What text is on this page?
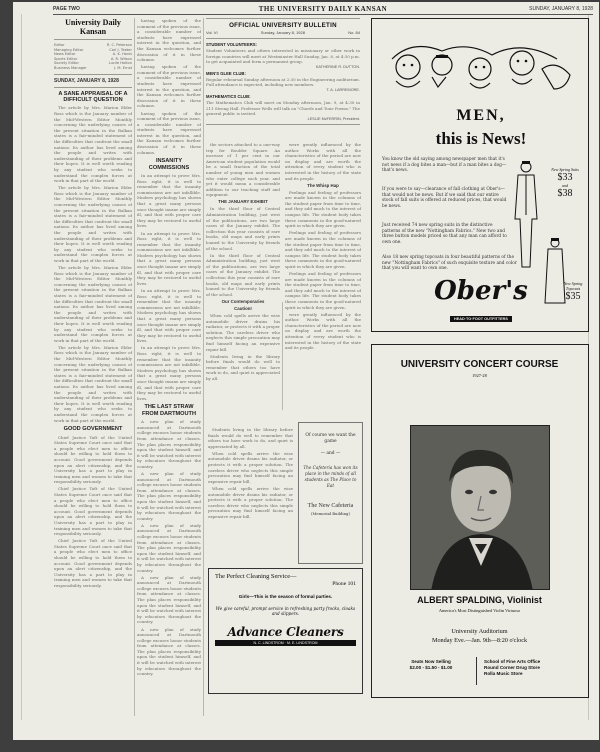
PAGE TWO	THE UNIVERSITY DAILY KANSAN	SUNDAY, JANUARY 8, 1928
University Daily Kansan
Editor	R. C. Peterson
Managing Editor	Carl J. Teeter
News Editor	A. K. Hovis
Sports Editor	A. R. Wilson
Society Editor	Lucile Holton
Business Manager	J. M. Ernst
SUNDAY, JANUARY 8, 1928
A SANE APPRAISAL OF A DIFFICULT QUESTION

The article by Mrs. Marion Elder Ross which is the January number of the Mid-Western Editor Monthly concerning the underlying causes of the present situation in the Balkan states is a fair-minded statement of the difficulties that confront the small nations. Its author has lived among the people and writes with understanding of their problems and their hopes. It is well worth reading by any student who seeks to understand the complex forces at work in that part of the world.

The article by Mrs. Marion Elder Ross which is the January number of the Mid-Western Editor Monthly concerning the underlying causes of the present situation in the Balkan states is a fair-minded statement of the difficulties that confront the small nations. Its author has lived among the people and writes with understanding of their problems and their hopes. It is well worth reading by any student who seeks to understand the complex forces at work in that part of the world.

The article by Mrs. Marion Elder Ross which is the January number of the Mid-Western Editor Monthly concerning the underlying causes of the present situation in the Balkan states is a fair-minded statement of the difficulties that confront the small nations. Its author has lived among the people and writes with understanding of their problems and their hopes. It is well worth reading by any student who seeks to understand the complex forces at work in that part of the world.

The article by Mrs. Marion Elder Ross which is the January number of the Mid-Western Editor Monthly concerning the underlying causes of the present situation in the Balkan states is a fair-minded statement of the difficulties that confront the small nations. Its author has lived among the people and writes with understanding of their problems and their hopes. It is well worth reading by any student who seeks to understand the complex forces at work in that part of the world.

GOOD GOVERNMENT

Chief Justice Taft of the United States Supreme Court once said that a people who elect men to office should be willing to hold them to account. Good government depends upon an alert citizenship, and the University has a part to play in training men and women to take that responsibility seriously.

Chief Justice Taft of the United States Supreme Court once said that a people who elect men to office should be willing to hold them to account. Good government depends upon an alert citizenship, and the University has a part to play in training men and women to take that responsibility seriously.

Chief Justice Taft of the United States Supreme Court once said that a people who elect men to office should be willing to hold them to account. Good government depends upon an alert citizenship, and the University has a part to play in training men and women to take that responsibility seriously.

having spoken of the comment of the previous issue, a considerable number of students have expressed interest in the question, and the Kansan welcomes further discussion of it in these columns.

having spoken of the comment of the previous issue, a considerable number of students have expressed interest in the question, and the Kansan welcomes further discussion of it in these columns.

having spoken of the comment of the previous issue, a considerable number of students have expressed interest in the question, and the Kansan welcomes further discussion of it in these columns.

INSANITY COMMISSIONS

In an attempt to prove Mrs. Ross right, it is well to remember that the insanity commissions are not infallible. Modern psychology has shown that a great many persons once thought insane are simply ill, and that with proper care they may be restored to useful lives.

In an attempt to prove Mrs. Ross right, it is well to remember that the insanity commissions are not infallible. Modern psychology has shown that a great many persons once thought insane are simply ill, and that with proper care they may be restored to useful lives.

In an attempt to prove Mrs. Ross right, it is well to remember that the insanity commissions are not infallible. Modern psychology has shown that a great many persons once thought insane are simply ill, and that with proper care they may be restored to useful lives.

In an attempt to prove Mrs. Ross right, it is well to remember that the insanity commissions are not infallible. Modern psychology has shown that a great many persons once thought insane are simply ill, and that with proper care they may be restored to useful lives.

THE LAST STRAW FROM DARTMOUTH

A new plan of study announced at Dartmouth college excuses honor students from attendance at classes. The plan places responsibility upon the student himself, and it will be watched with interest by educators throughout the country.

A new plan of study announced at Dartmouth college excuses honor students from attendance at classes. The plan places responsibility upon the student himself, and it will be watched with interest by educators throughout the country.

A new plan of study announced at Dartmouth college excuses honor students from attendance at classes. The plan places responsibility upon the student himself, and it will be watched with interest by educators throughout the country.

A new plan of study announced at Dartmouth college excuses honor students from attendance at classes. The plan places responsibility upon the student himself, and it will be watched with interest by educators throughout the country.

A new plan of study announced at Dartmouth college excuses honor students from attendance at classes. The plan places responsibility upon the student himself, and it will be watched with interest by educators throughout the country.

OFFICIAL UNIVERSITY BULLETIN
Vol. VI	Sunday, January 8, 1928	No. 84
STUDENT VOLUNTEERS:
Student Volunteers and others interested in missionary or other work in foreign countries will meet at Westminster Hall Sunday, Jan. 8, at 4:30 p.m. to get acquainted and form a permanent group.
KATHERINE R. DUTTON.
MEN'S GLEE CLUB:
Regular rehearsal Sunday afternoon at 2:30 in the Engineering auditorium. Full attendance is expected, including new members.
T. A. LARREMORE.
MATHEMATICS CLUB:
The Mathematics Club will meet on Monday afternoon, Jan. 9, at 4:30 in 211 Strong Hall. Professor Wells will talk on "Chords and Tone Poems." The general public is invited.
LESLIE McFERRIN, President.

the sectors attached to a one-way trip for Boulder Square. An increase of 1 per cent in our American student population would be a small fraction of the total number of young men and women who enter college each year, and yet it would mean a considerable addition to our teaching staff and equipment.

THE JANUARY EXHIBIT

In the third floor of Central Administration building, just west of the publications, are two large cases of the January exhibit. The collection this year consists of rare books, old maps and early prints loaned to the University by friends of the school.

In the third floor of Central Administration building, just west of the publications, are two large cases of the January exhibit. The collection this year consists of rare books, old maps and early prints loaned to the University by friends of the school.

Our Contemporaries
Caution!

When cold spells arrive the wise automobile driver drains his radiator, or protects it with a proper solution. The careless driver who neglects this simple precaution may find himself facing an expensive repair bill.

Students living in the library before finals would do well to remember that others too have work to do, and quiet is appreciated by all.

Students living in the library before finals would do well to remember that others too have work to do, and quiet is appreciated by all.

When cold spells arrive the wise automobile driver drains his radiator, or protects it with a proper solution. The careless driver who neglects this simple precaution may find himself facing an expensive repair bill.

When cold spells arrive the wise automobile driver drains his radiator, or protects it with a proper solution. The careless driver who neglects this simple precaution may find himself facing an expensive repair bill.

were greatly influenced by the author. Works with all the characteristics of the period are now on display and are worth the attention of every student who is interested in the history of the state and its people.

The Whisp Hap

Feelings and feeling of professors are made known in the columns of the student paper from time to time, and they add much to the interest of campus life. The student body takes these comments in the good-natured spirit in which they are given.

Feelings and feeling of professors are made known in the columns of the student paper from time to time, and they add much to the interest of campus life. The student body takes these comments in the good-natured spirit in which they are given.

Feelings and feeling of professors are made known in the columns of the student paper from time to time, and they add much to the interest of campus life. The student body takes these comments in the good-natured spirit in which they are given.

were greatly influenced by the author. Works with all the characteristics of the period are now on display and are worth the attention of every student who is interested in the history of the state and its people.

Of course we want the game
— and —
The Cafeteria has won its place in the minds of all students as The Place to Eat
The New Cafeteria
(Memorial Building)
The Perfect Cleaning Service—
Phone 101
Girls—This is the season of formal parties.
We give careful, prompt service in refreshing party frocks, cloaks and slippers.
Advance Cleaners
N. C. LINDSTROM · M. E. LINDSTROM
MEN,
this is News!
You know the old saying among newspaper men that it's not news if a dog bites a man—but if a man bites a dog—that's news.
If you were to say—clearance of fall clothing at Ober's—that would not be news. But if we said that our entire stock of fall suits is offered at reduced prices, that would be news.
Just received 74 new spring suits in the distinctive patterns of the new "Nottingham Fabrics." New two and three button models priced so that any man can afford to own one.
Also 18 new spring topcoats in four beautiful patterns of the new "Nottingham Fabrics" of such exquisite texture and color that you will want to own one.
New Spring Suits
$33
and
$38
New Spring Topcoats
$35
Ober's
HEAD·TO·FOOT OUTFITTERS
UNIVERSITY CONCERT COURSE
1927-28
ALBERT SPALDING, Violinist
America's Most Distinguished Violin Virtuoso
University Auditorium
Monday Eve.—Jan. 9th—8:20 o'clock
Seats Now Selling
$2.00 - $1.50 - $1.00
School of Fine Arts Office
Round Corner Drug Store
Rolla Music Store
